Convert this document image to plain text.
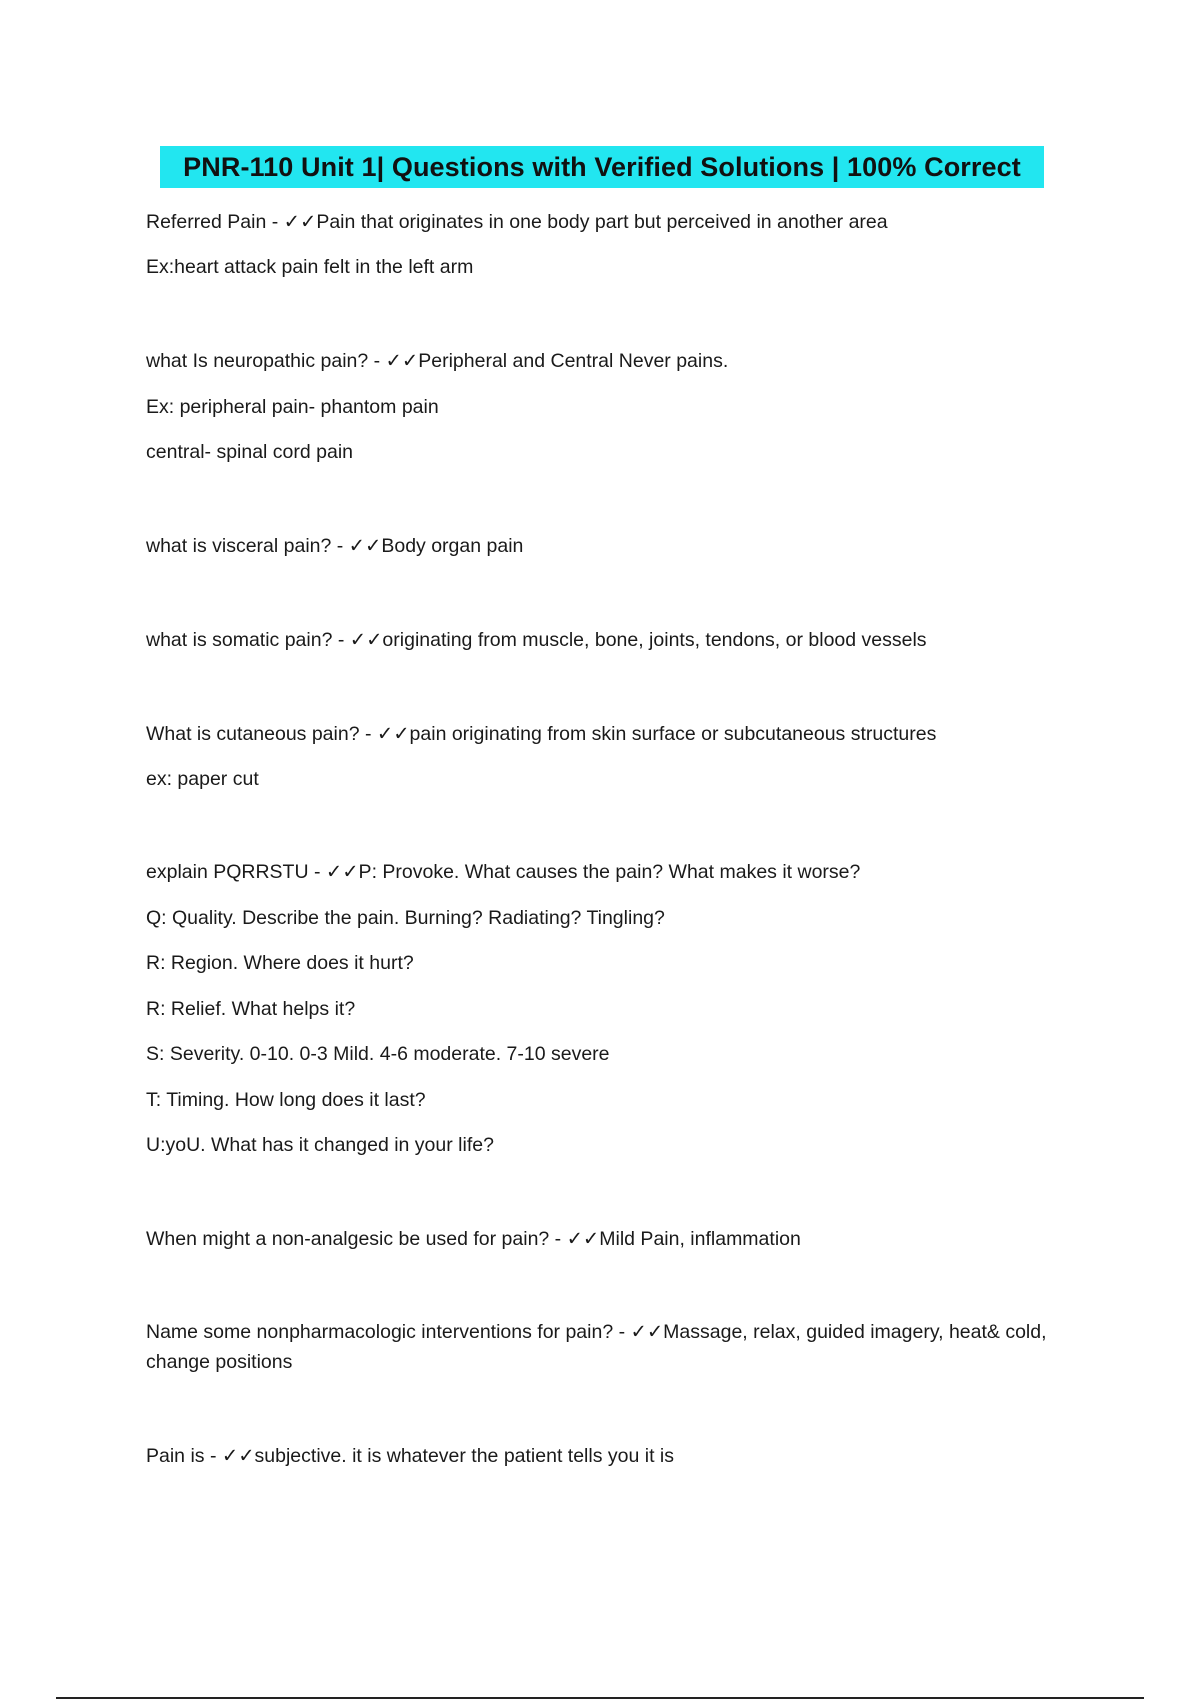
PNR-110 Unit 1| Questions with Verified Solutions | 100% Correct
Referred Pain - ✓✓Pain that originates in one body part but perceived in another area
Ex:heart attack pain felt in the left arm
what Is neuropathic pain? - ✓✓Peripheral and Central Never pains.
Ex: peripheral pain- phantom pain
central- spinal cord pain
what is visceral pain? - ✓✓Body organ pain
what is somatic pain? - ✓✓originating from muscle, bone, joints, tendons, or blood vessels
What is cutaneous pain? - ✓✓pain originating from skin surface or subcutaneous structures
ex: paper cut
explain PQRRSTU - ✓✓P: Provoke. What causes the pain? What makes it worse?
Q: Quality. Describe the pain. Burning? Radiating? Tingling?
R: Region. Where does it hurt?
R: Relief. What helps it?
S: Severity. 0-10. 0-3 Mild. 4-6 moderate. 7-10 severe
T: Timing. How long does it last?
U:yoU. What has it changed in your life?
When might a non-analgesic be used for pain? - ✓✓Mild Pain, inflammation
Name some nonpharmacologic interventions for pain? - ✓✓Massage, relax, guided imagery, heat& cold, change positions
Pain is - ✓✓subjective. it is whatever the patient tells you it is
